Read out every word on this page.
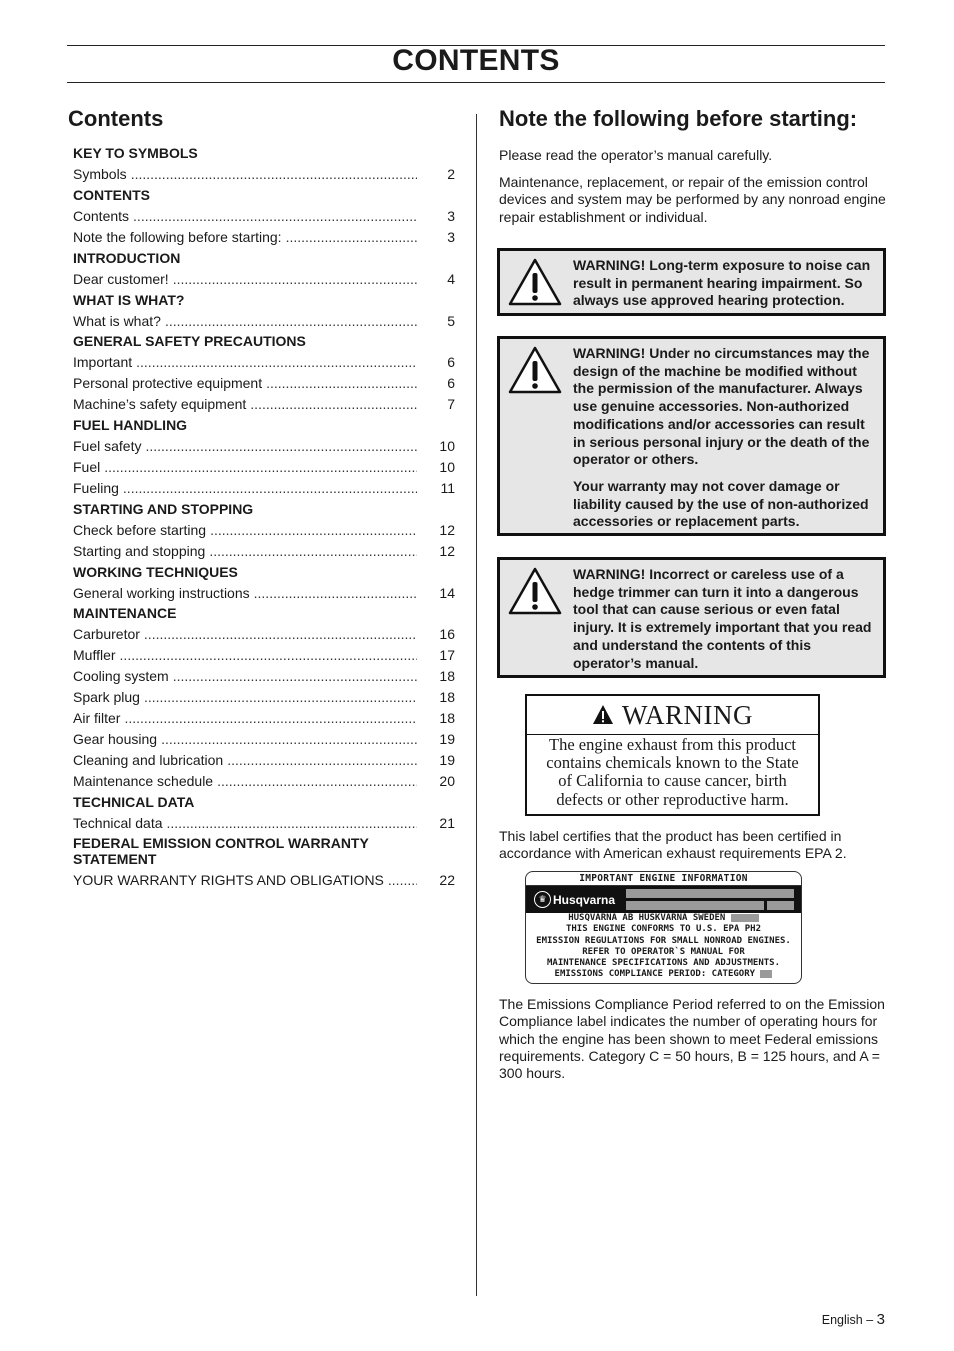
CONTENTS
Contents
KEY TO SYMBOLS
Symbols .....	2
CONTENTS
Contents .....	3
Note the following before starting: .....	3
INTRODUCTION
Dear customer! .....	4
WHAT IS WHAT?
What is what? .....	5
GENERAL SAFETY PRECAUTIONS
Important .....	6
Personal protective equipment .....	6
Machine’s safety equipment .....	7
FUEL HANDLING
Fuel safety .....	10
Fuel .....	10
Fueling .....	11
STARTING AND STOPPING
Check before starting .....	12
Starting and stopping .....	12
WORKING TECHNIQUES
General working instructions .....	14
MAINTENANCE
Carburetor .....	16
Muffler .....	17
Cooling system .....	18
Spark plug .....	18
Air filter .....	18
Gear housing .....	19
Cleaning and lubrication .....	19
Maintenance schedule .....	20
TECHNICAL DATA
Technical data .....	21
FEDERAL EMISSION CONTROL WARRANTY STATEMENT
YOUR WARRANTY RIGHTS AND OBLIGATIONS .....	22
Note the following before starting:
Please read the operator’s manual carefully.
Maintenance, replacement, or repair of the emission control devices and system may be performed by any nonroad engine repair establishment or individual.
WARNING! Long-term exposure to noise can result in permanent hearing impairment. So always use approved hearing protection.

WARNING! Under no circumstances may the design of the machine be modified without the permission of the manufacturer. Always use genuine accessories. Non-authorized modifications and/or accessories can result in serious personal injury or the death of the operator or others.

Your warranty may not cover damage or liability caused by the use of non-authorized accessories or replacement parts.

WARNING! Incorrect or careless use of a hedge trimmer can turn it into a dangerous tool that can cause serious or even fatal injury. It is extremely important that you read and understand the contents of this operator’s manual.
WARNING
The engine exhaust from this product
contains chemicals known to the State
of California to cause cancer, birth
defects or other reproductive harm.
This label certifies that the product has been certified in accordance with American exhaust requirements EPA 2.
IMPORTANT ENGINE INFORMATION
♛ Husqvarna
HUSQVARNA AB HUSKVARNA SWEDEN
THIS ENGINE CONFORMS TO U.S. EPA PH2
EMISSION REGULATIONS FOR SMALL NONROAD ENGINES.
REFER TO OPERATOR`S MANUAL FOR
MAINTENANCE SPECIFICATIONS AND ADJUSTMENTS.
EMISSIONS COMPLIANCE PERIOD: CATEGORY
The Emissions Compliance Period referred to on the Emission Compliance label indicates the number of operating hours for which the engine has been shown to meet Federal emissions requirements. Category C = 50 hours, B = 125 hours, and A = 300 hours.
English – 3
